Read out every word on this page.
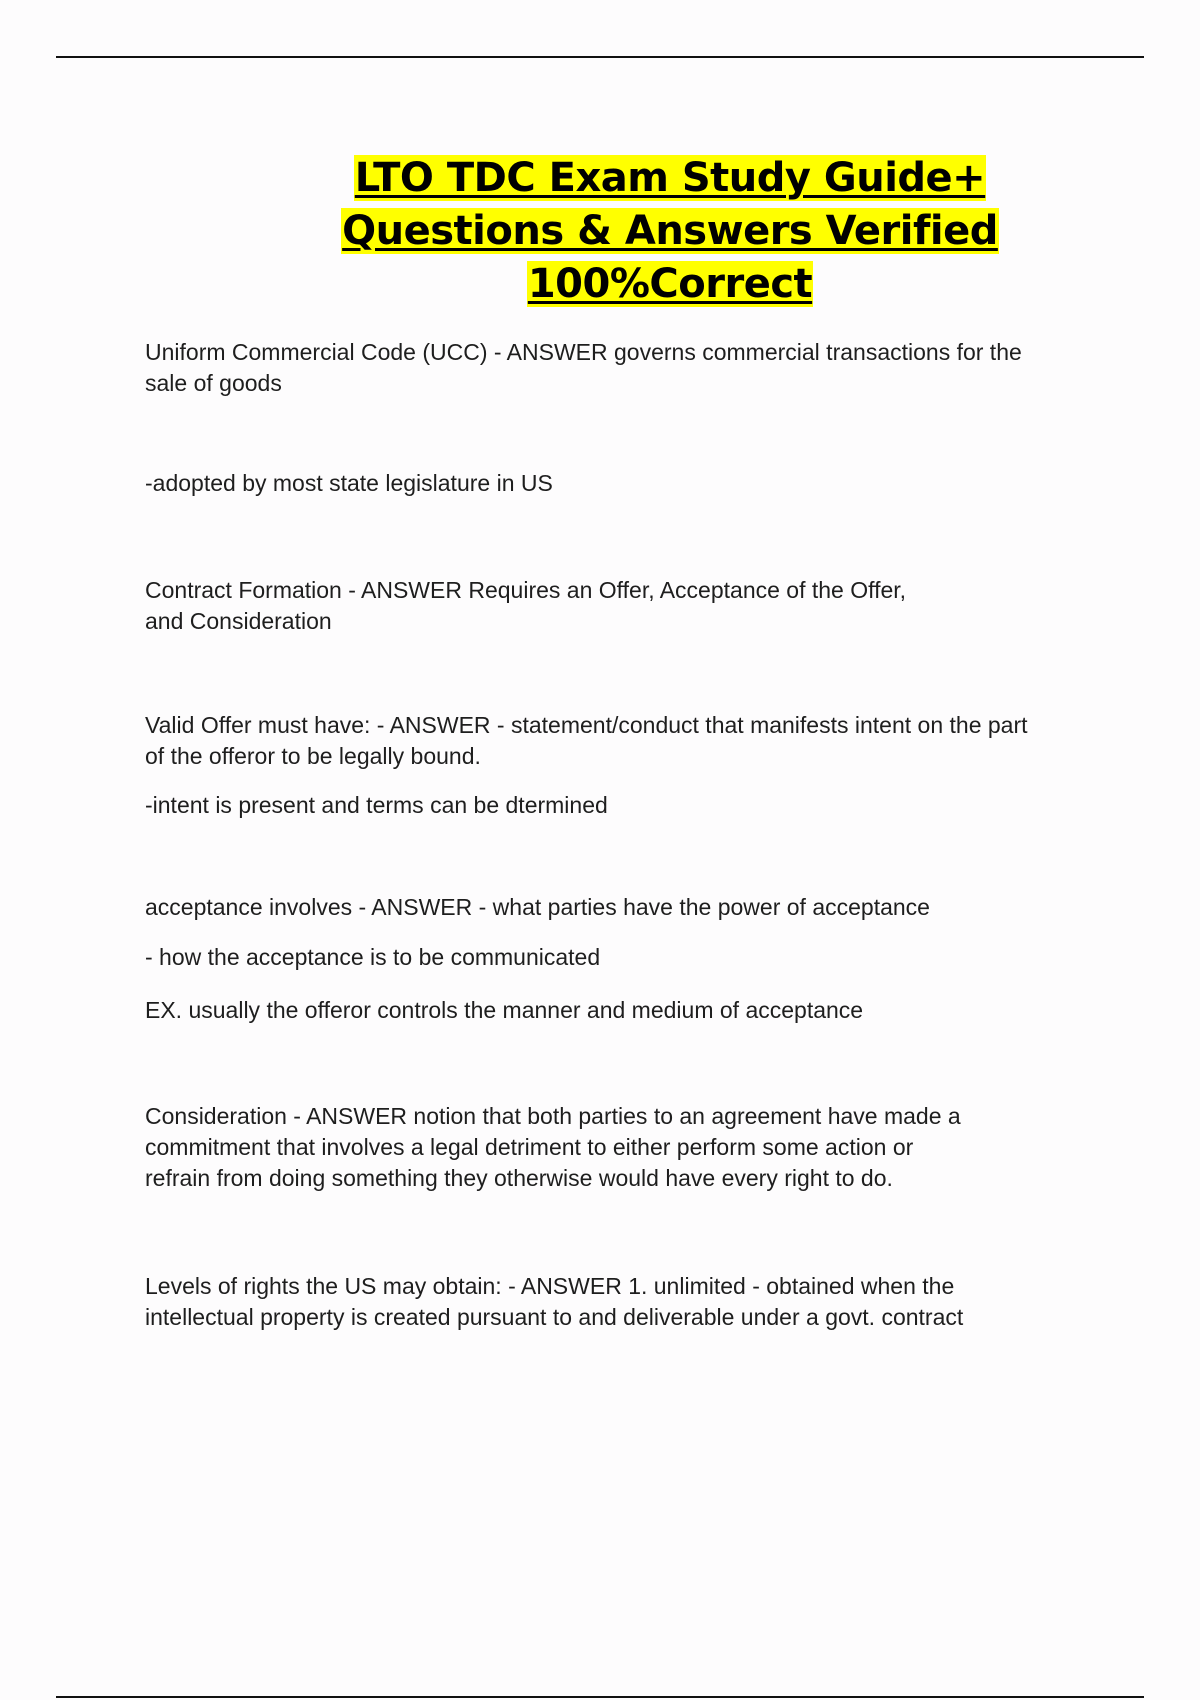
LTO TDC Exam Study Guide+
Questions & Answers Verified
100%Correct
Uniform Commercial Code (UCC) - ANSWER governs commercial transactions for the
sale of goods
-adopted by most state legislature in US
Contract Formation - ANSWER Requires an Offer, Acceptance of the Offer,
and Consideration
Valid Offer must have: - ANSWER - statement/conduct that manifests intent on the part
of the offeror to be legally bound.
-intent is present and terms can be dtermined
acceptance involves - ANSWER - what parties have the power of acceptance
- how the acceptance is to be communicated
EX. usually the offeror controls the manner and medium of acceptance
Consideration - ANSWER notion that both parties to an agreement have made a
commitment that involves a legal detriment to either perform some action or
refrain from doing something they otherwise would have every right to do.
Levels of rights the US may obtain: - ANSWER 1. unlimited - obtained when the
intellectual property is created pursuant to and deliverable under a govt. contract
